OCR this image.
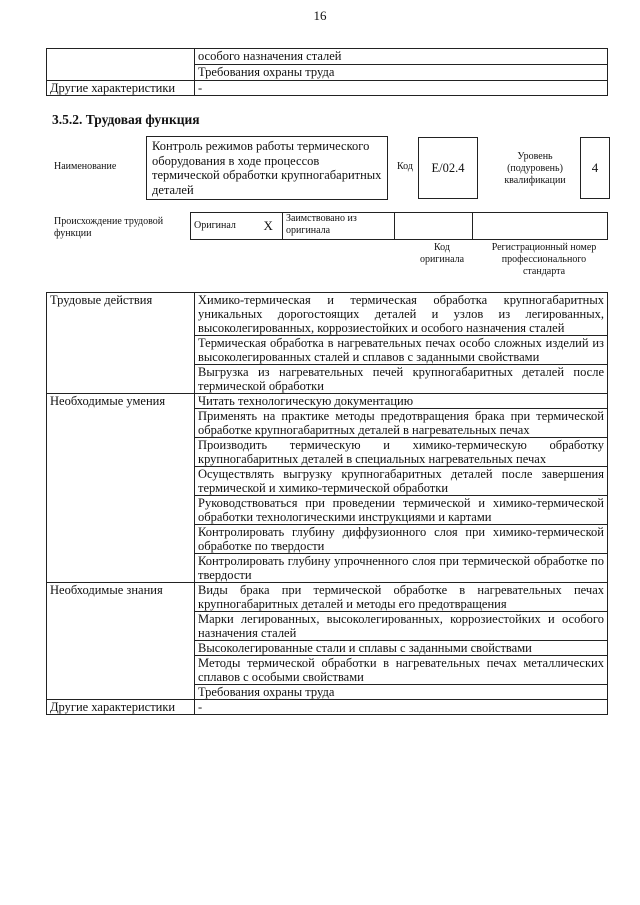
16
	особого назначения сталей
	Требования охраны труда
Другие характеристики	-
3.5.2. Трудовая функция
Наименование
Контроль режимов работы термического оборудования в ходе процессов термической обработки крупногабаритных деталей
Код E/02.4
Уровень (подуровень) квалификации
4
Происхождение трудовой функции
Оригинал	X	Заимствовано из оригинала		
Код оригинала
Регистрационный номер профессионального стандарта
Трудовые действия	Химико-термическая и термическая обработка крупногабаритных уникальных дорогостоящих деталей и узлов из легированных, высоколегированных, коррозиестойких и особого назначения сталей
	Термическая обработка в нагревательных печах особо сложных изделий из высоколегированных сталей и сплавов с заданными свойствами
	Выгрузка из нагревательных печей крупногабаритных деталей после термической обработки
Необходимые умения	Читать технологическую документацию
	Применять на практике методы предотвращения брака при термической обработке крупногабаритных деталей в нагревательных печах
	Производить термическую и химико-термическую обработку крупногабаритных деталей в специальных нагревательных печах
	Осуществлять выгрузку крупногабаритных деталей после завершения термической и химико-термической обработки
	Руководствоваться при проведении термической и химико-термической обработки технологическими инструкциями и картами
	Контролировать глубину диффузионного слоя при химико-термической обработке по твердости
	Контролировать глубину упрочненного слоя при термической обработке по твердости
Необходимые знания	Виды брака при термической обработке в нагревательных печах крупногабаритных деталей и методы его предотвращения
	Марки легированных, высоколегированных, коррозиестойких и особого назначения сталей
	Высоколегированные стали и сплавы с заданными свойствами
	Методы термической обработки в нагревательных печах металлических сплавов с особыми свойствами
	Требования охраны труда
Другие характеристики	-
